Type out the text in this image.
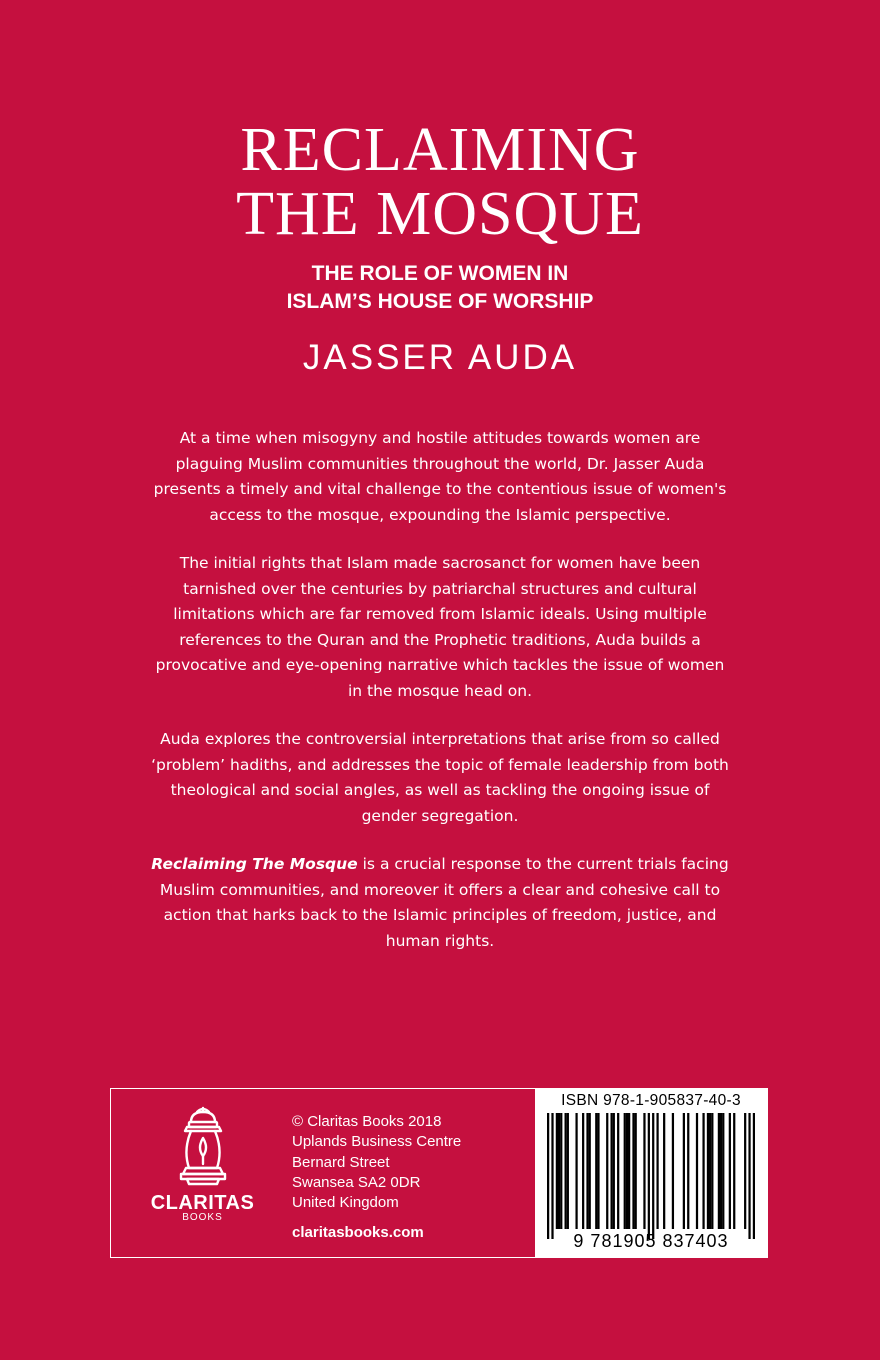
RECLAIMING
THE MOSQUE
THE ROLE OF WOMEN IN
ISLAM’S HOUSE OF WORSHIP
JASSER AUDA

At a time when misogyny and hostile attitudes towards women are plaguing Muslim communities throughout the world, Dr. Jasser Auda presents a timely and vital challenge to the contentious issue of women's access to the mosque, expounding the Islamic perspective.

The initial rights that Islam made sacrosanct for women have been tarnished over the centuries by patriarchal structures and cultural limitations which are far removed from Islamic ideals. Using multiple references to the Quran and the Prophetic traditions, Auda builds a provocative and eye-opening narrative which tackles the issue of women in the mosque head on.

Auda explores the controversial interpretations that arise from so called ‘problem’ hadiths, and addresses the topic of female leadership from both theological and social angles, as well as tackling the ongoing issue of gender segregation.

Reclaiming The Mosque is a crucial response to the current trials facing Muslim communities, and moreover it offers a clear and cohesive call to action that harks back to the Islamic principles of freedom, justice, and human rights.

CLARITAS
BOOKS
© Claritas Books 2018
Uplands Business Centre
Bernard Street
Swansea SA2 0DR
United Kingdom
claritasbooks.com
ISBN 978-1-905837-40-3
9 781905 837403
